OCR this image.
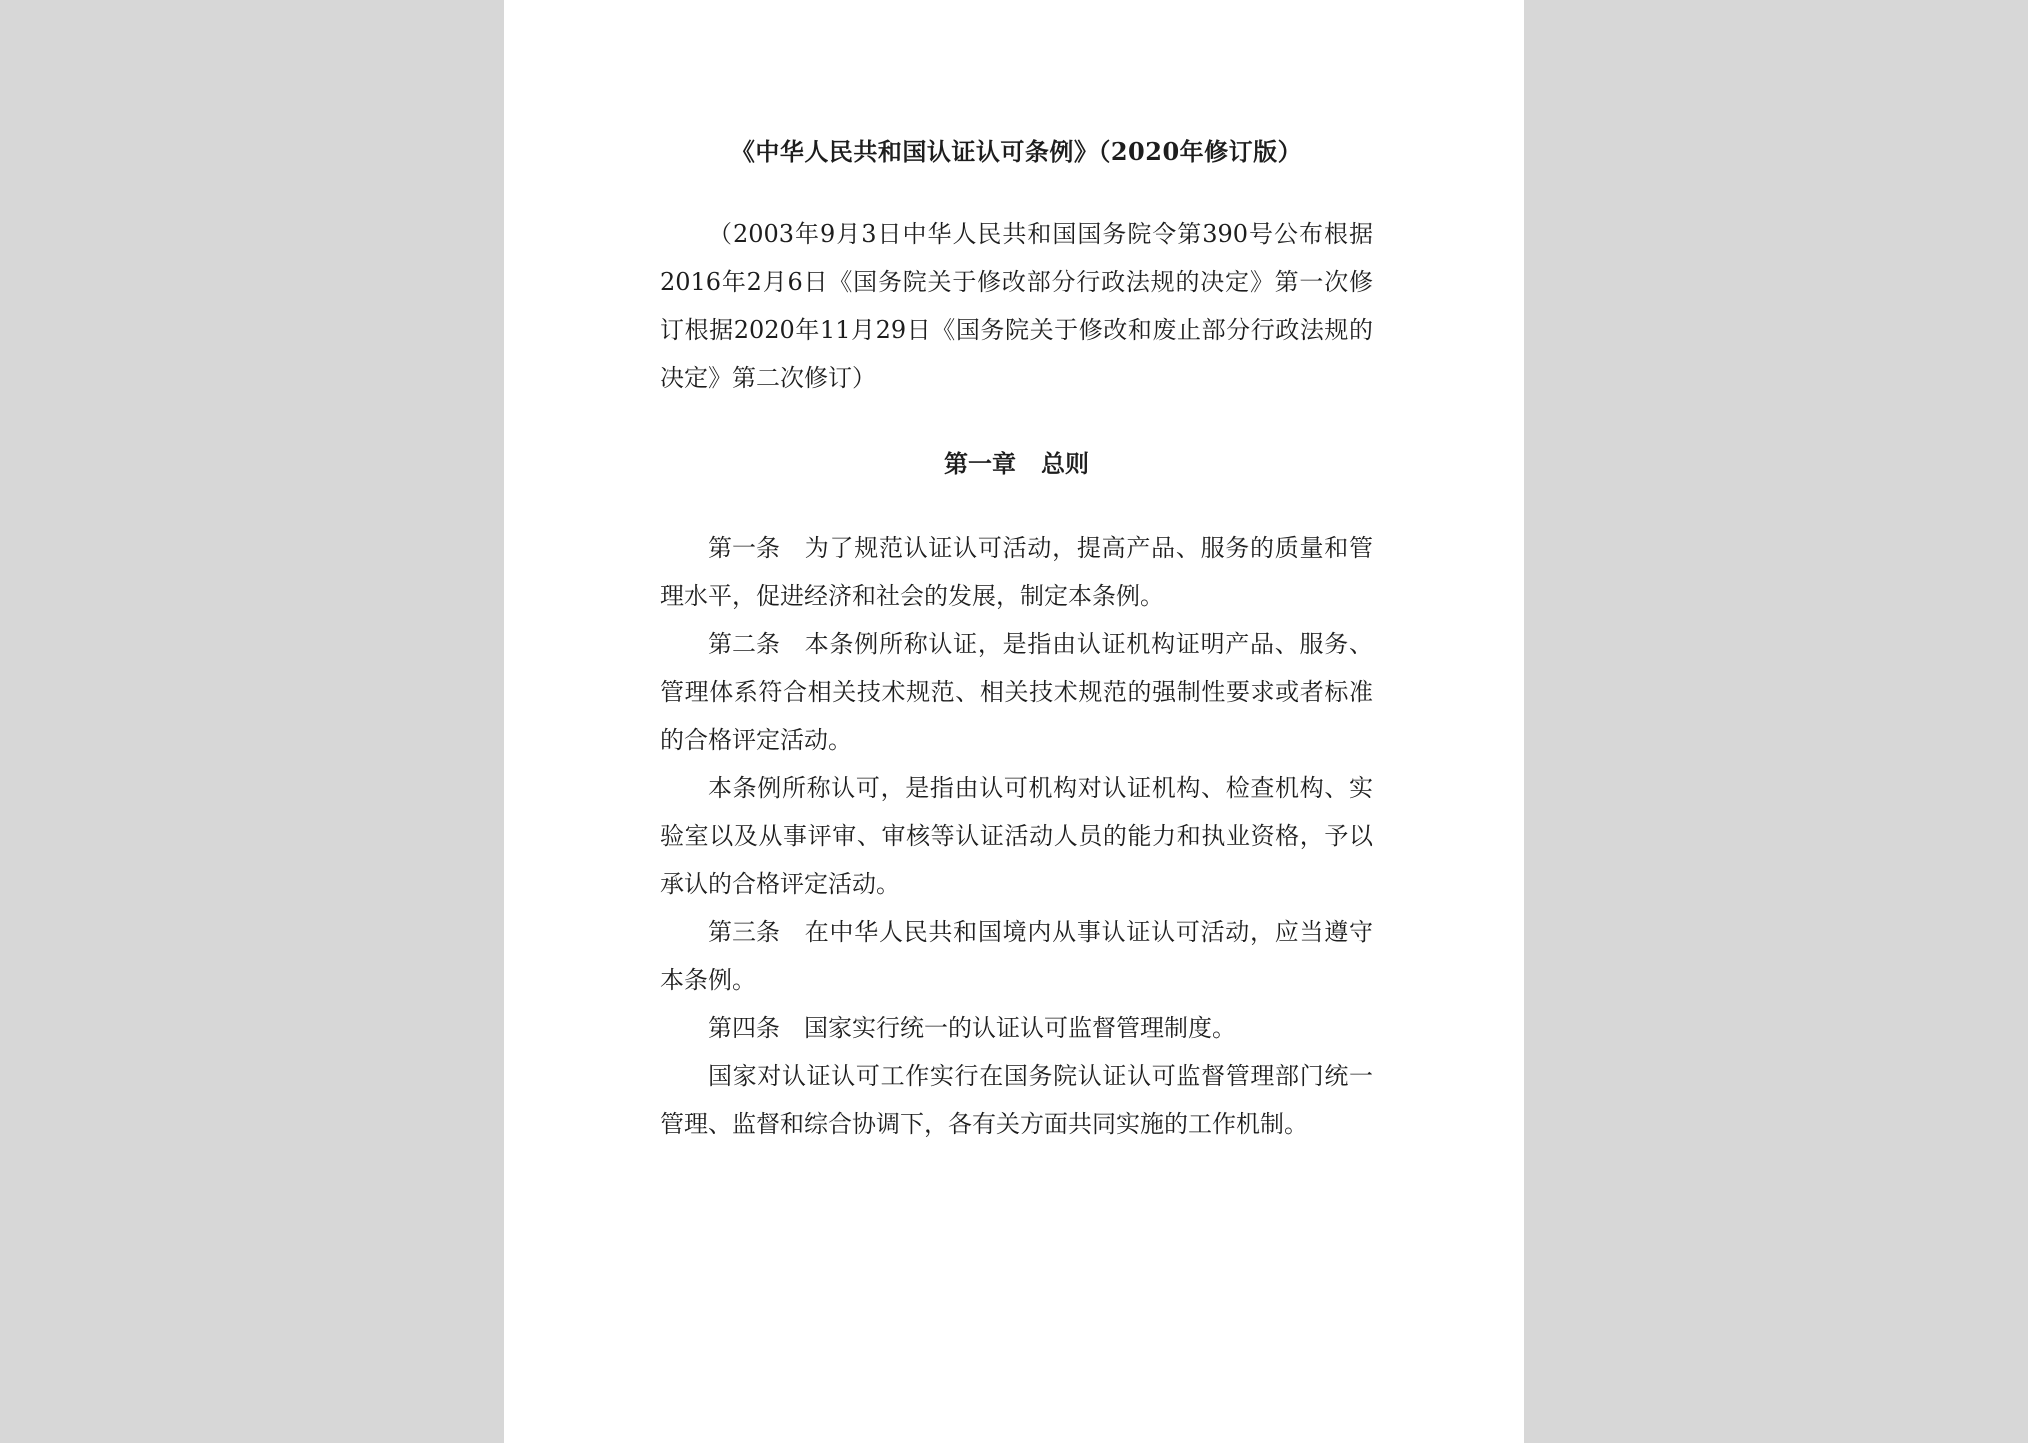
《中华人民共和国认证认可条例》（2020年修订版）

（2003年9月3日中华人民共和国国务院令第390号公布根据2016年2月6日《国务院关于修改部分行政法规的决定》第一次修订根据2020年11月29日《国务院关于修改和废止部分行政法规的决定》第二次修订）

第一章 总则

第一条 为了规范认证认可活动，提高产品、服务的质量和管理水平，促进经济和社会的发展，制定本条例。

第二条 本条例所称认证，是指由认证机构证明产品、服务、管理体系符合相关技术规范、相关技术规范的强制性要求或者标准的合格评定活动。

本条例所称认可，是指由认可机构对认证机构、检查机构、实验室以及从事评审、审核等认证活动人员的能力和执业资格，予以承认的合格评定活动。

第三条 在中华人民共和国境内从事认证认可活动，应当遵守本条例。

第四条 国家实行统一的认证认可监督管理制度。

国家对认证认可工作实行在国务院认证认可监督管理部门统一管理、监督和综合协调下，各有关方面共同实施的工作机制。
